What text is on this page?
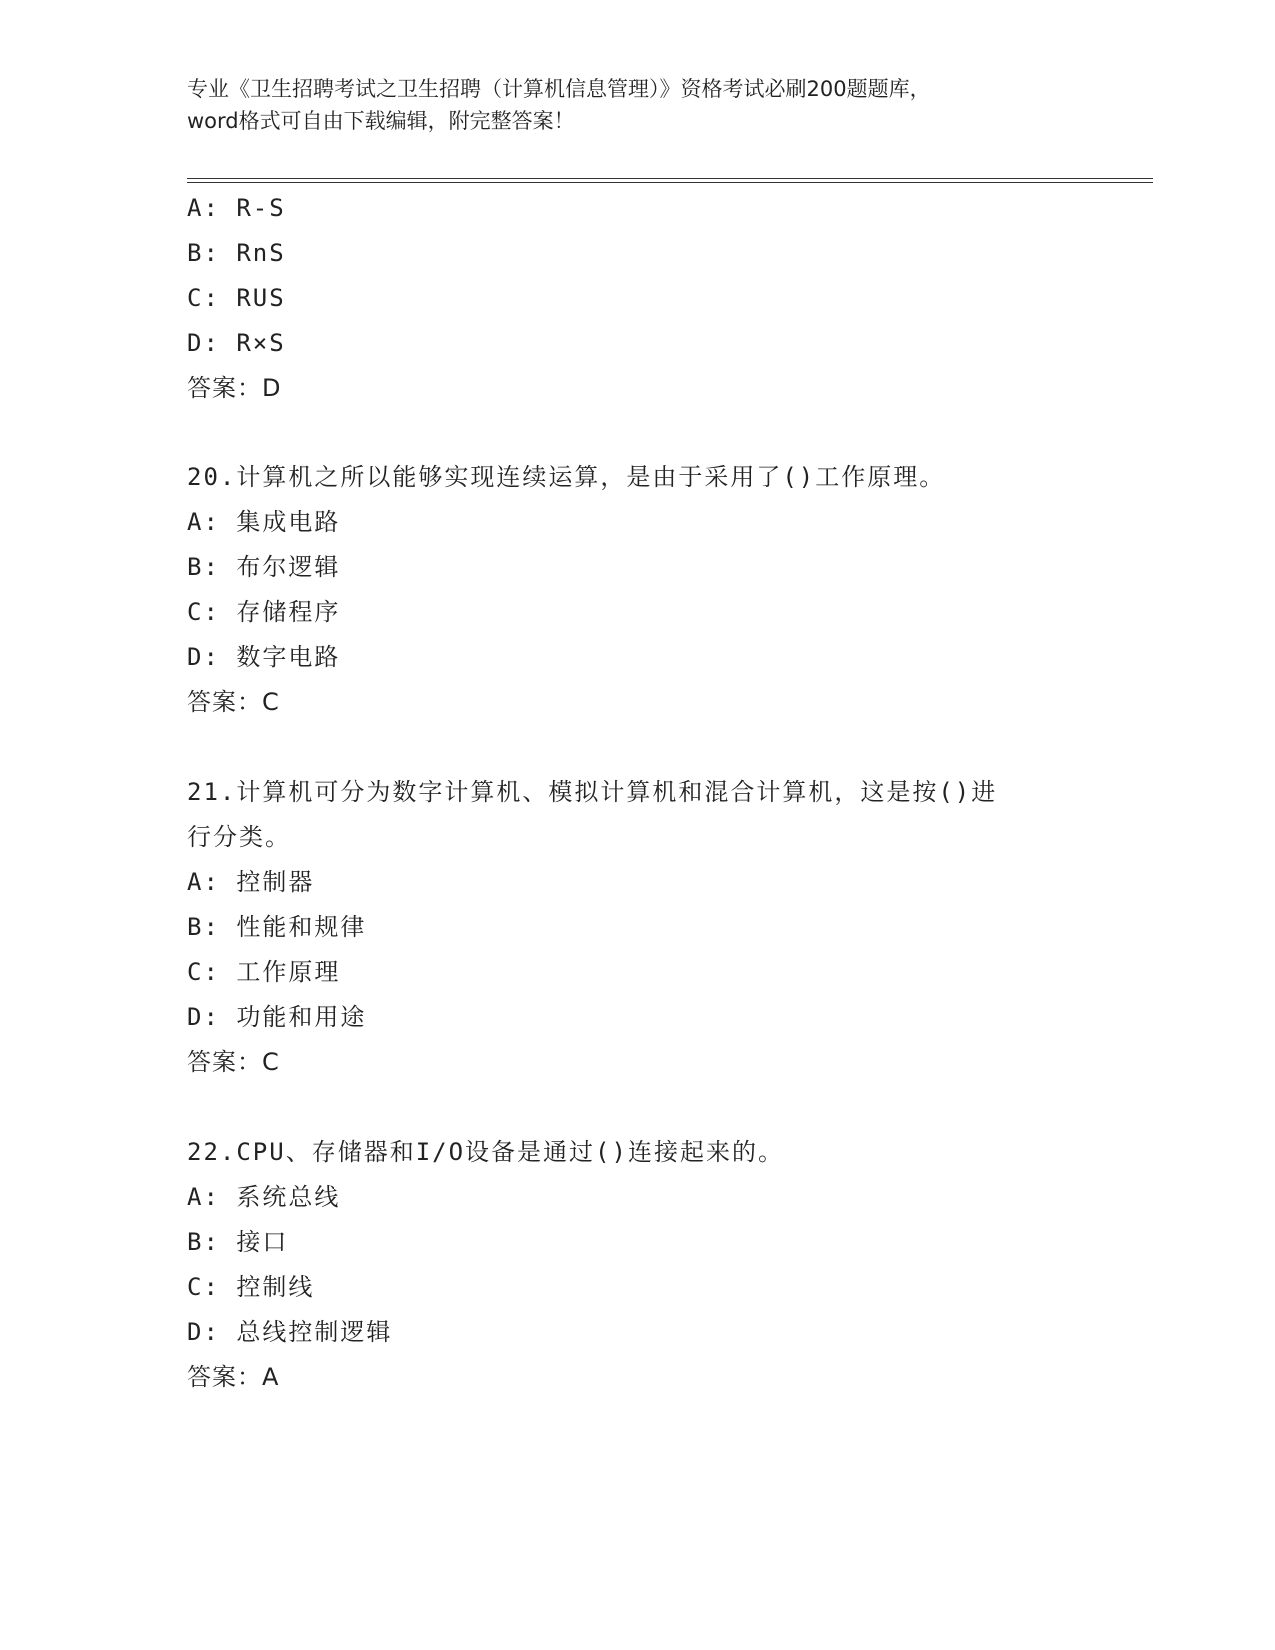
专业《卫生招聘考试之卫生招聘（计算机信息管理）》资格考试必刷200题题库，
word格式可自由下载编辑，附完整答案！
A: R-S
B: RnS
C: RUS
D: R×S
答案：D
20.计算机之所以能够实现连续运算，是由于采用了()工作原理。
A: 集成电路
B: 布尔逻辑
C: 存储程序
D: 数字电路
答案：C
21.计算机可分为数字计算机、模拟计算机和混合计算机，这是按()进
行分类。
A: 控制器
B: 性能和规律
C: 工作原理
D: 功能和用途
答案：C
22.CPU、存储器和I/O设备是通过()连接起来的。
A: 系统总线
B: 接口
C: 控制线
D: 总线控制逻辑
答案：A
